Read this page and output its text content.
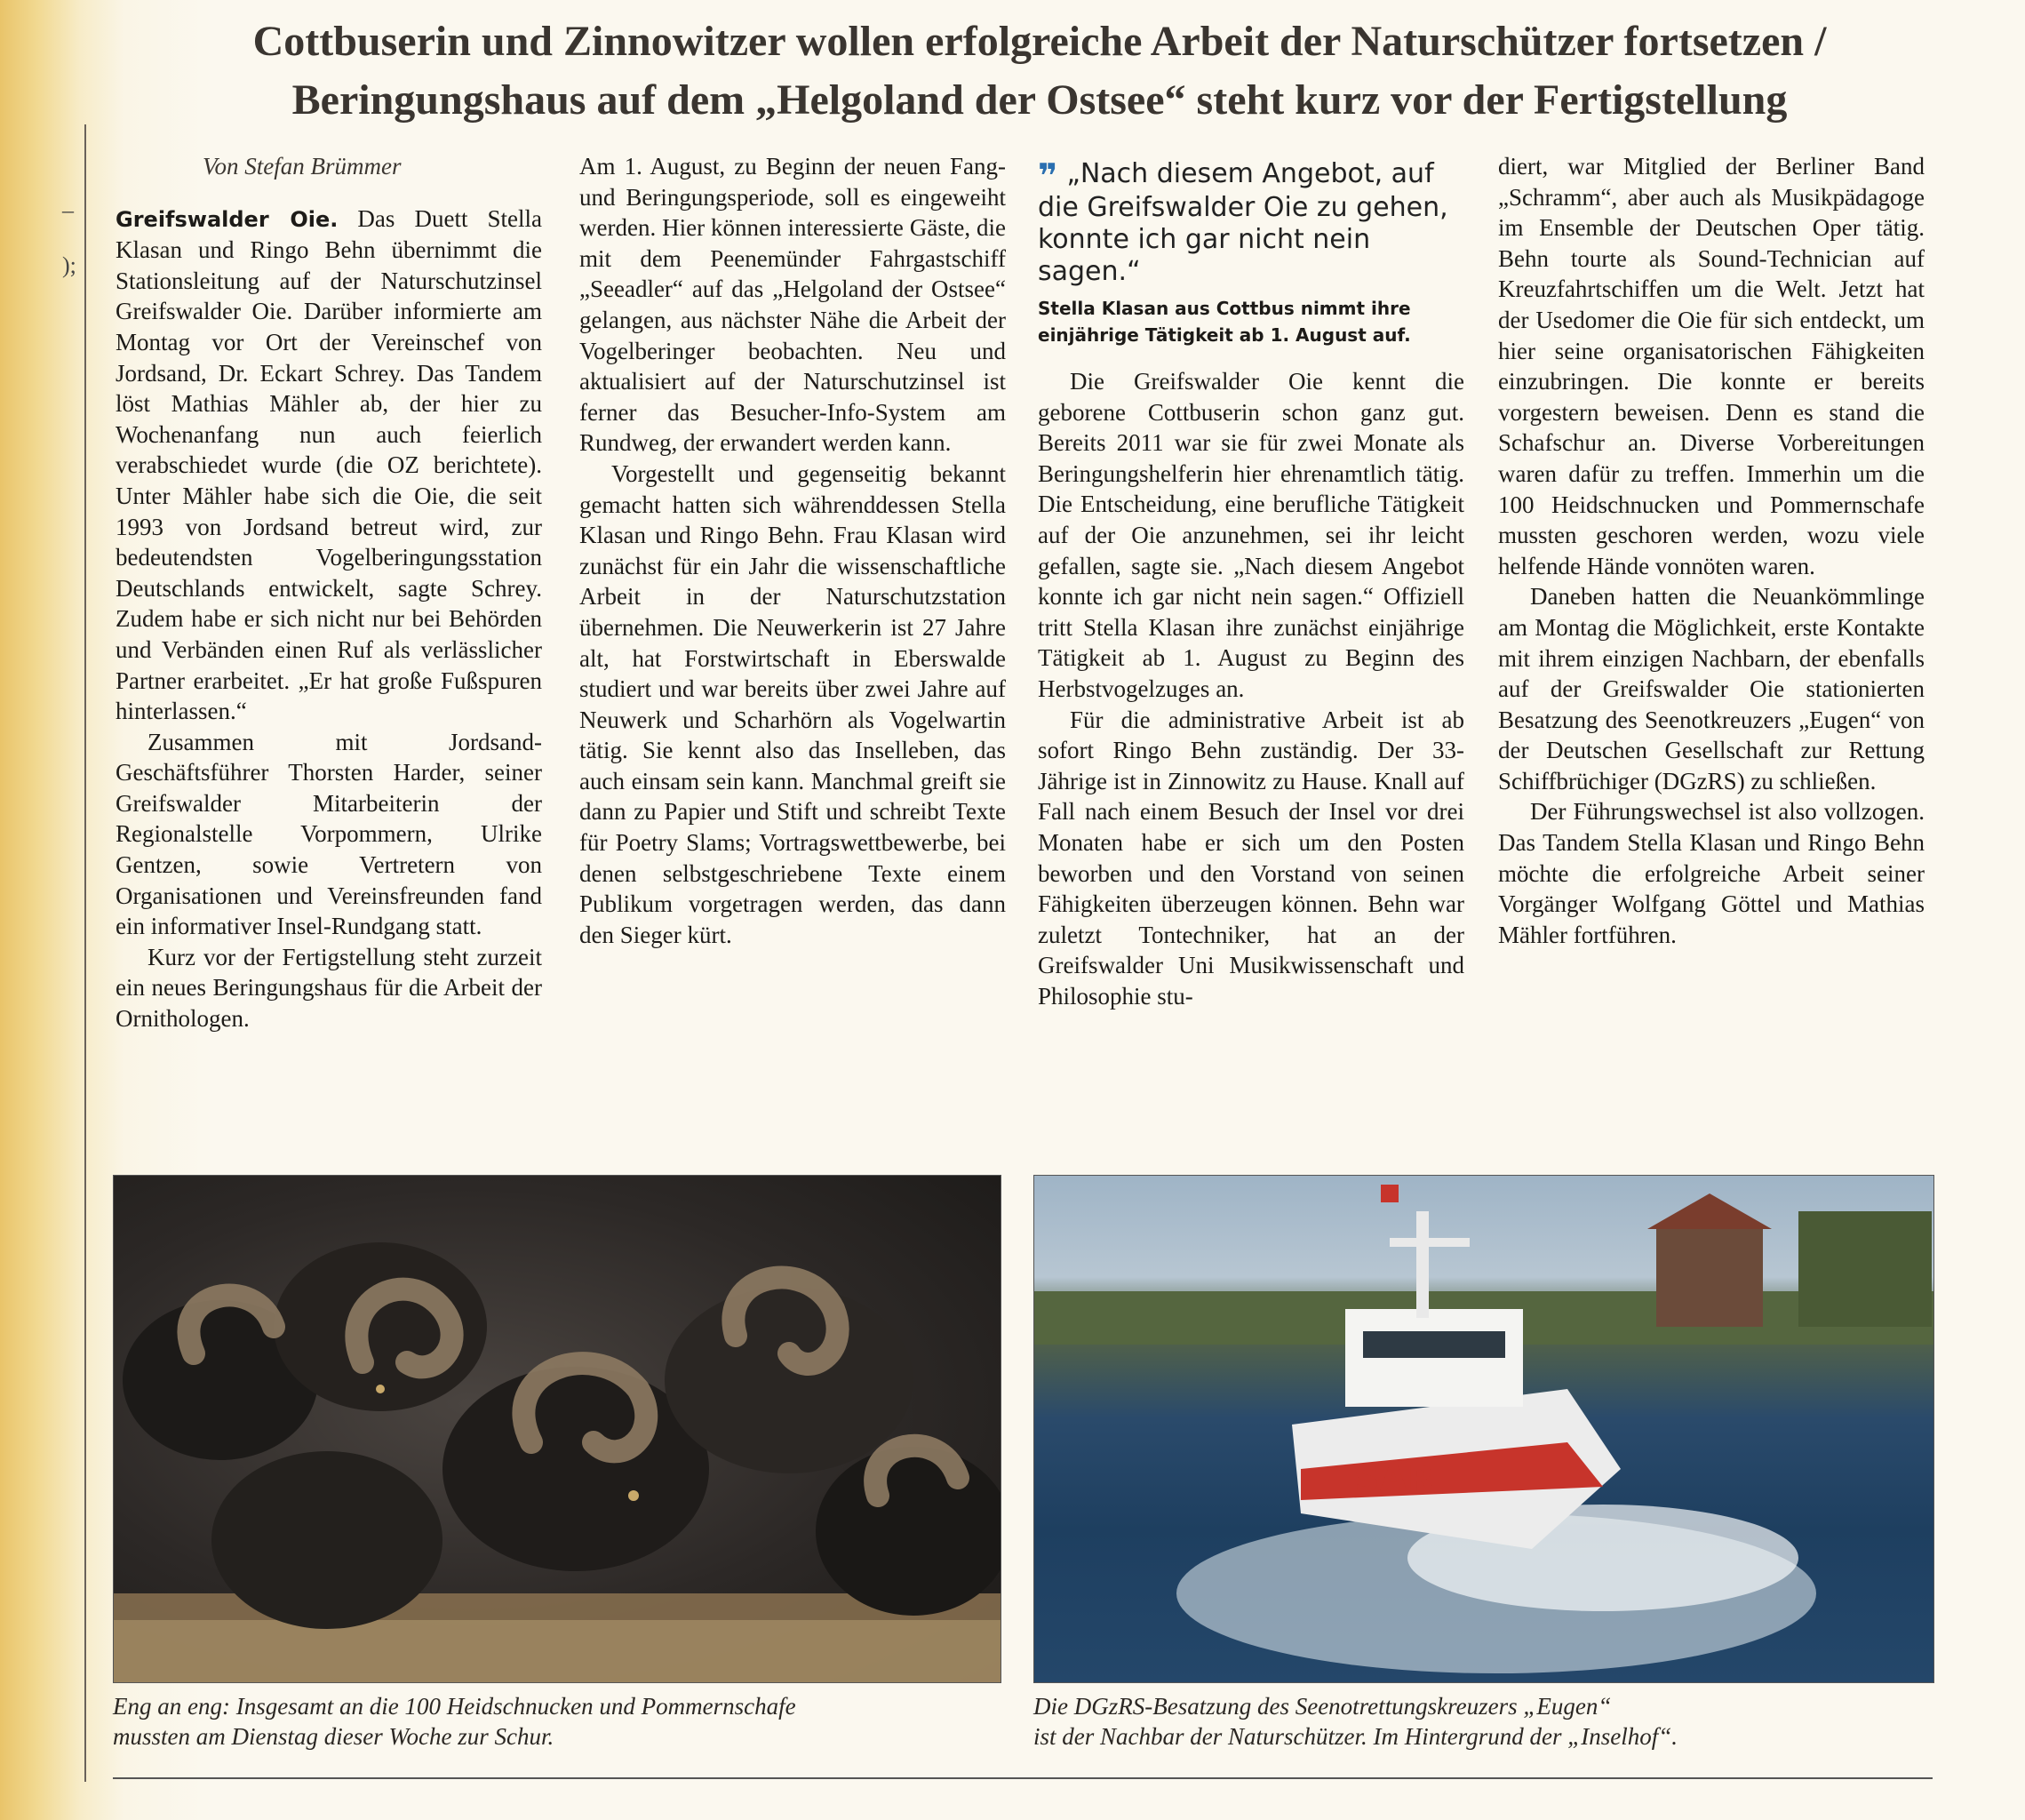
Cottbuserin und Zinnowitzer wollen erfolgreiche Arbeit der Naturschützer fortsetzen /
Beringungshaus auf dem „Helgoland der Ostsee“ steht kurz vor der Fertigstellung
–
);

Von Stefan Brümmer

Greifswalder Oie. Das Duett Stella Klasan und Ringo Behn übernimmt die Stationsleitung auf der Naturschutzinsel Greifswalder Oie. Darüber informierte am Montag vor Ort der Vereinschef von Jordsand, Dr. Eckart Schrey. Das Tandem löst Mathias Mähler ab, der hier zu Wochenanfang nun auch feierlich verabschiedet wurde (die OZ berichtete). Unter Mähler habe sich die Oie, die seit 1993 von Jordsand betreut wird, zur bedeutendsten Vogelberingungsstation Deutschlands entwickelt, sagte Schrey. Zudem habe er sich nicht nur bei Behörden und Verbänden einen Ruf als verlässlicher Partner erarbeitet. „Er hat große Fußspuren hinterlassen.“

Zusammen mit Jordsand-Geschäftsführer Thorsten Harder, seiner Greifswalder Mitarbeiterin der Regionalstelle Vorpommern, Ulrike Gentzen, sowie Vertretern von Organisationen und Vereinsfreunden fand ein informativer Insel-Rundgang statt.

Kurz vor der Fertigstellung steht zurzeit ein neues Beringungshaus für die Arbeit der Ornithologen.

Am 1. August, zu Beginn der neuen Fang- und Beringungsperiode, soll es eingeweiht werden. Hier können interessierte Gäste, die mit dem Peenemünder Fahrgastschiff „Seeadler“ auf das „Helgoland der Ostsee“ gelangen, aus nächster Nähe die Arbeit der Vogelberinger beobachten. Neu und aktualisiert auf der Naturschutzinsel ist ferner das Besucher-Info-System am Rundweg, der erwandert werden kann.

Vorgestellt und gegenseitig bekannt gemacht hatten sich währenddessen Stella Klasan und Ringo Behn. Frau Klasan wird zunächst für ein Jahr die wissenschaftliche Arbeit in der Naturschutzstation übernehmen. Die Neuwerkerin ist 27 Jahre alt, hat Forstwirtschaft in Eberswalde studiert und war bereits über zwei Jahre auf Neuwerk und Scharhörn als Vogelwartin tätig. Sie kennt also das Inselleben, das auch einsam sein kann. Manchmal greift sie dann zu Papier und Stift und schreibt Texte für Poetry Slams; Vortragswettbewerbe, bei denen selbstgeschriebene Texte einem Publikum vorgetragen werden, das dann den Sieger kürt.

❞ „Nach diesem Angebot, auf die Greifswalder Oie zu gehen, konnte ich gar nicht nein sagen.“
Stella Klasan aus Cottbus nimmt ihre einjährige Tätigkeit ab 1. August auf.

Die Greifswalder Oie kennt die geborene Cottbuserin schon ganz gut. Bereits 2011 war sie für zwei Monate als Beringungshelferin hier ehrenamtlich tätig. Die Entscheidung, eine berufliche Tätigkeit auf der Oie anzunehmen, sei ihr leicht gefallen, sagte sie. „Nach diesem Angebot konnte ich gar nicht nein sagen.“ Offiziell tritt Stella Klasan ihre zunächst einjährige Tätigkeit ab 1. August zu Beginn des Herbstvogelzuges an.

Für die administrative Arbeit ist ab sofort Ringo Behn zuständig. Der 33-Jährige ist in Zinnowitz zu Hause. Knall auf Fall nach einem Besuch der Insel vor drei Monaten habe er sich um den Posten beworben und den Vorstand von seinen Fähigkeiten überzeugen können. Behn war zuletzt Tontechniker, hat an der Greifswalder Uni Musikwissenschaft und Philosophie stu-

diert, war Mitglied der Berliner Band „Schramm“, aber auch als Musikpädagoge im Ensemble der Deutschen Oper tätig. Behn tourte als Sound-Technician auf Kreuzfahrtschiffen um die Welt. Jetzt hat der Usedomer die Oie für sich entdeckt, um hier seine organisatorischen Fähigkeiten einzubringen. Die konnte er bereits vorgestern beweisen. Denn es stand die Schafschur an. Diverse Vorbereitungen waren dafür zu treffen. Immerhin um die 100 Heidschnucken und Pommernschafe mussten geschoren werden, wozu viele helfende Hände vonnöten waren.

Daneben hatten die Neuankömmlinge am Montag die Möglichkeit, erste Kontakte mit ihrem einzigen Nachbarn, der ebenfalls auf der Greifswalder Oie stationierten Besatzung des Seenotkreuzers „Eugen“ von der Deutschen Gesellschaft zur Rettung Schiffbrüchiger (DGzRS) zu schließen.

Der Führungswechsel ist also vollzogen. Das Tandem Stella Klasan und Ringo Behn möchte die erfolgreiche Arbeit seiner Vorgänger Wolfgang Göttel und Mathias Mähler fortführen.

SAR

Eng an eng: Insgesamt an die 100 Heidschnucken und Pommernschafe

mussten am Dienstag dieser Woche zur Schur.

Die DGzRS-Besatzung des Seenotrettungskreuzers „Eugen“

ist der Nachbar der Naturschützer. Im Hintergrund der „Inselhof“.
